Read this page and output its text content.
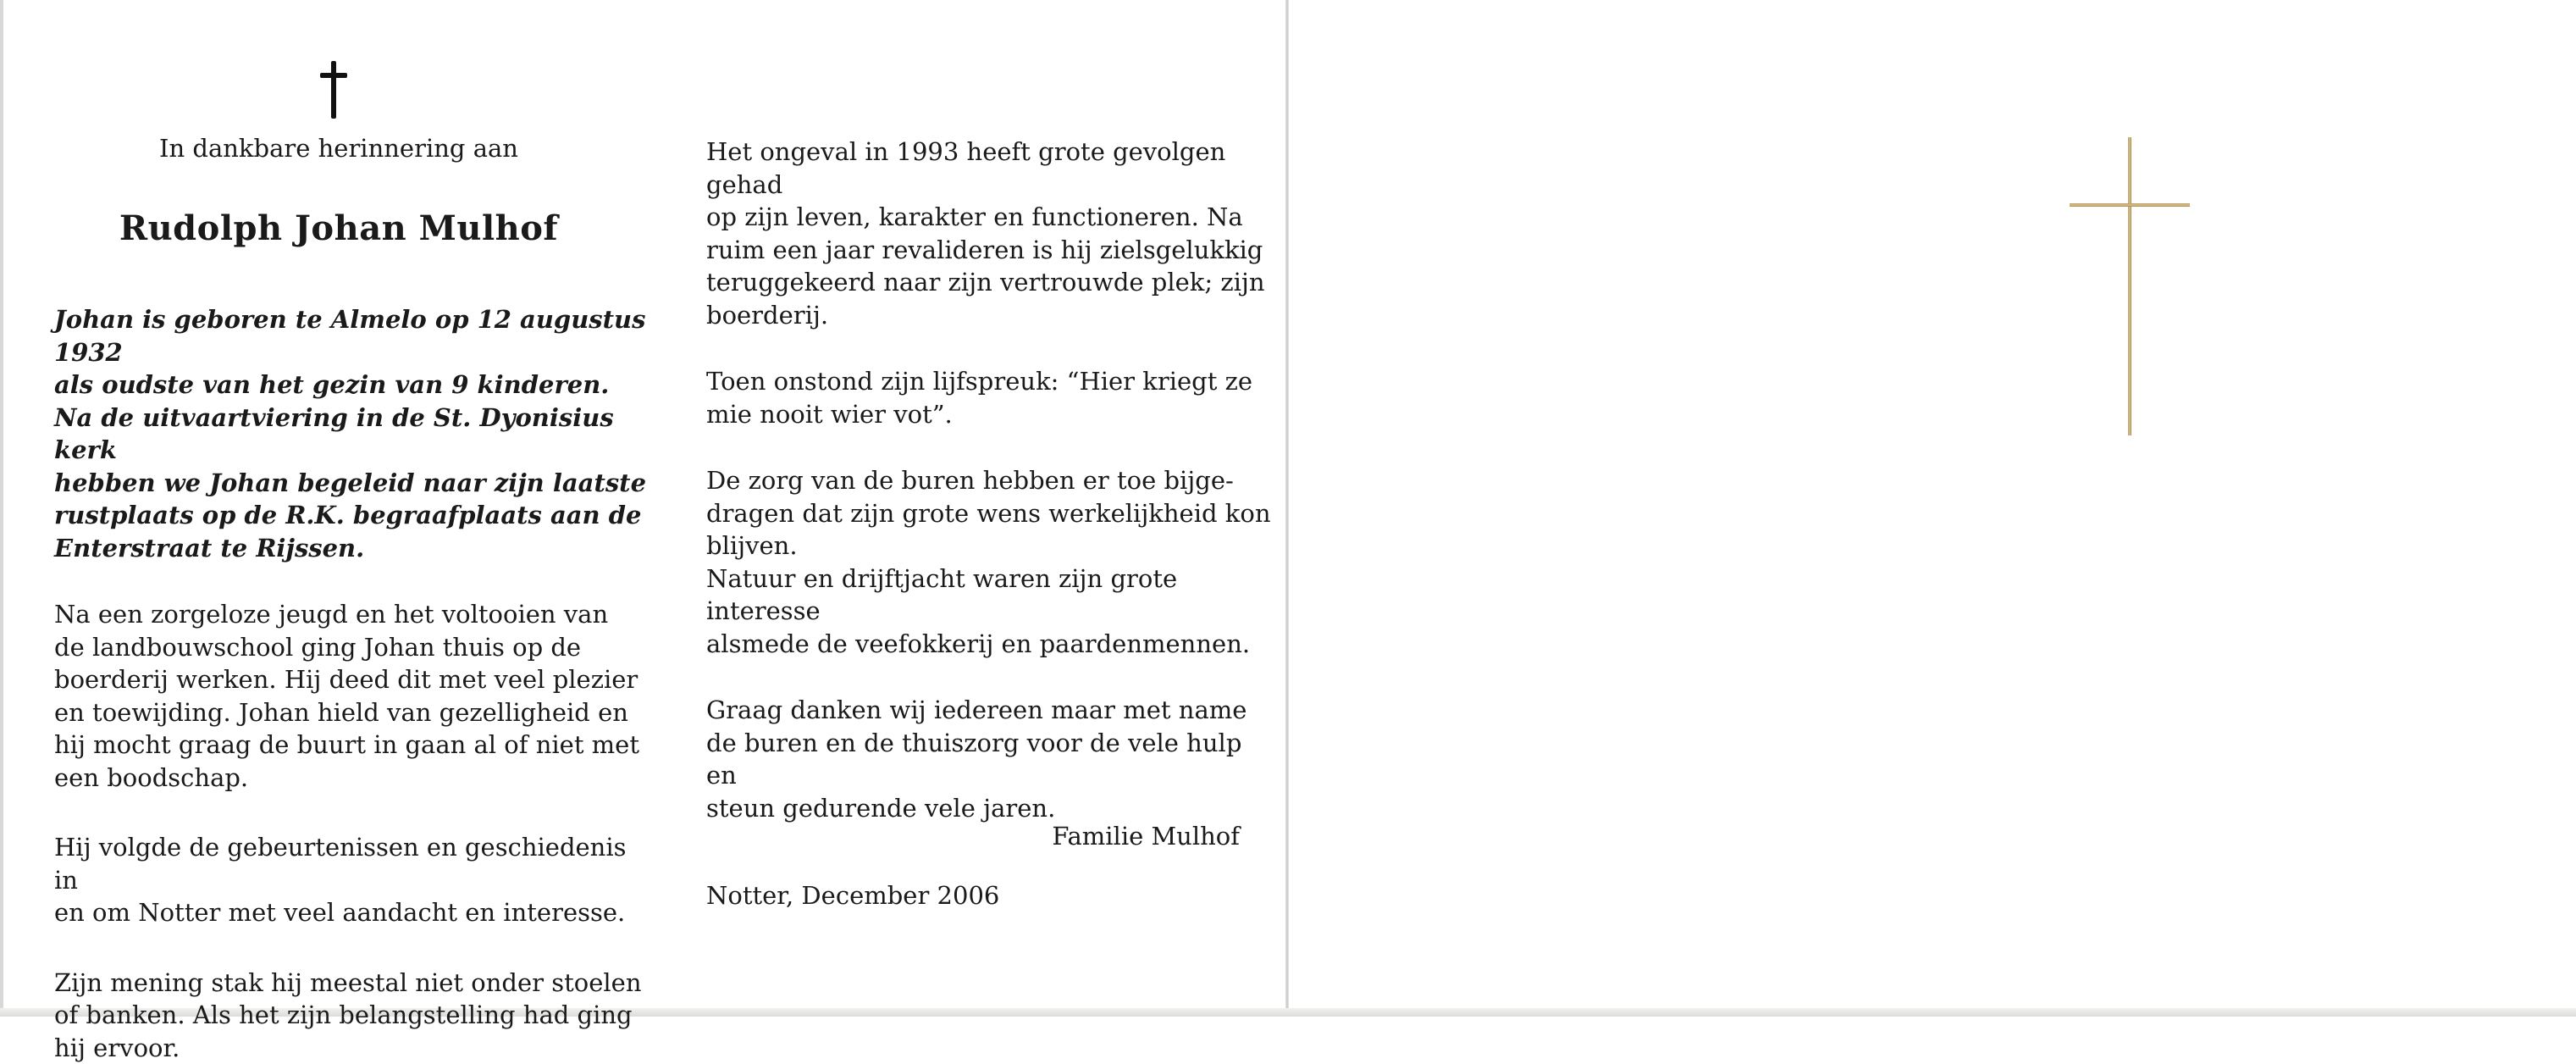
In dankbare herinnering aan
Rudolph Johan Mulhof

Johan is geboren te Almelo op 12 augustus 1932
als oudste van het gezin van 9 kinderen.
Na de uitvaartviering in de St. Dyonisius kerk
hebben we Johan begeleid naar zijn laatste
rustplaats op de R.K. begraafplaats aan de
Enterstraat te Rijssen.

Na een zorgeloze jeugd en het voltooien van
de landbouwschool ging Johan thuis op de
boerderij werken. Hij deed dit met veel plezier
en toewijding. Johan hield van gezelligheid en
hij mocht graag de buurt in gaan al of niet met
een boodschap.

Hij volgde de gebeurtenissen en geschiedenis in
en om Notter met veel aandacht en interesse.

Zijn mening stak hij meestal niet onder stoelen
of banken. Als het zijn belangstelling had ging
hij ervoor.

Het ongeval in 1993 heeft grote gevolgen gehad
op zijn leven, karakter en functioneren. Na
ruim een jaar revalideren is hij zielsgelukkig
teruggekeerd naar zijn vertrouwde plek; zijn
boerderij.

Toen onstond zijn lijfspreuk: “Hier kriegt ze
mie nooit wier vot”.

De zorg van de buren hebben er toe bijge-
dragen dat zijn grote wens werkelijkheid kon
blijven.
Natuur en drijftjacht waren zijn grote interesse
alsmede de veefokkerij en paardenmennen.

Graag danken wij iedereen maar met name
de buren en de thuiszorg voor de vele hulp en
steun gedurende vele jaren.

Familie Mulhof
Notter, December 2006
